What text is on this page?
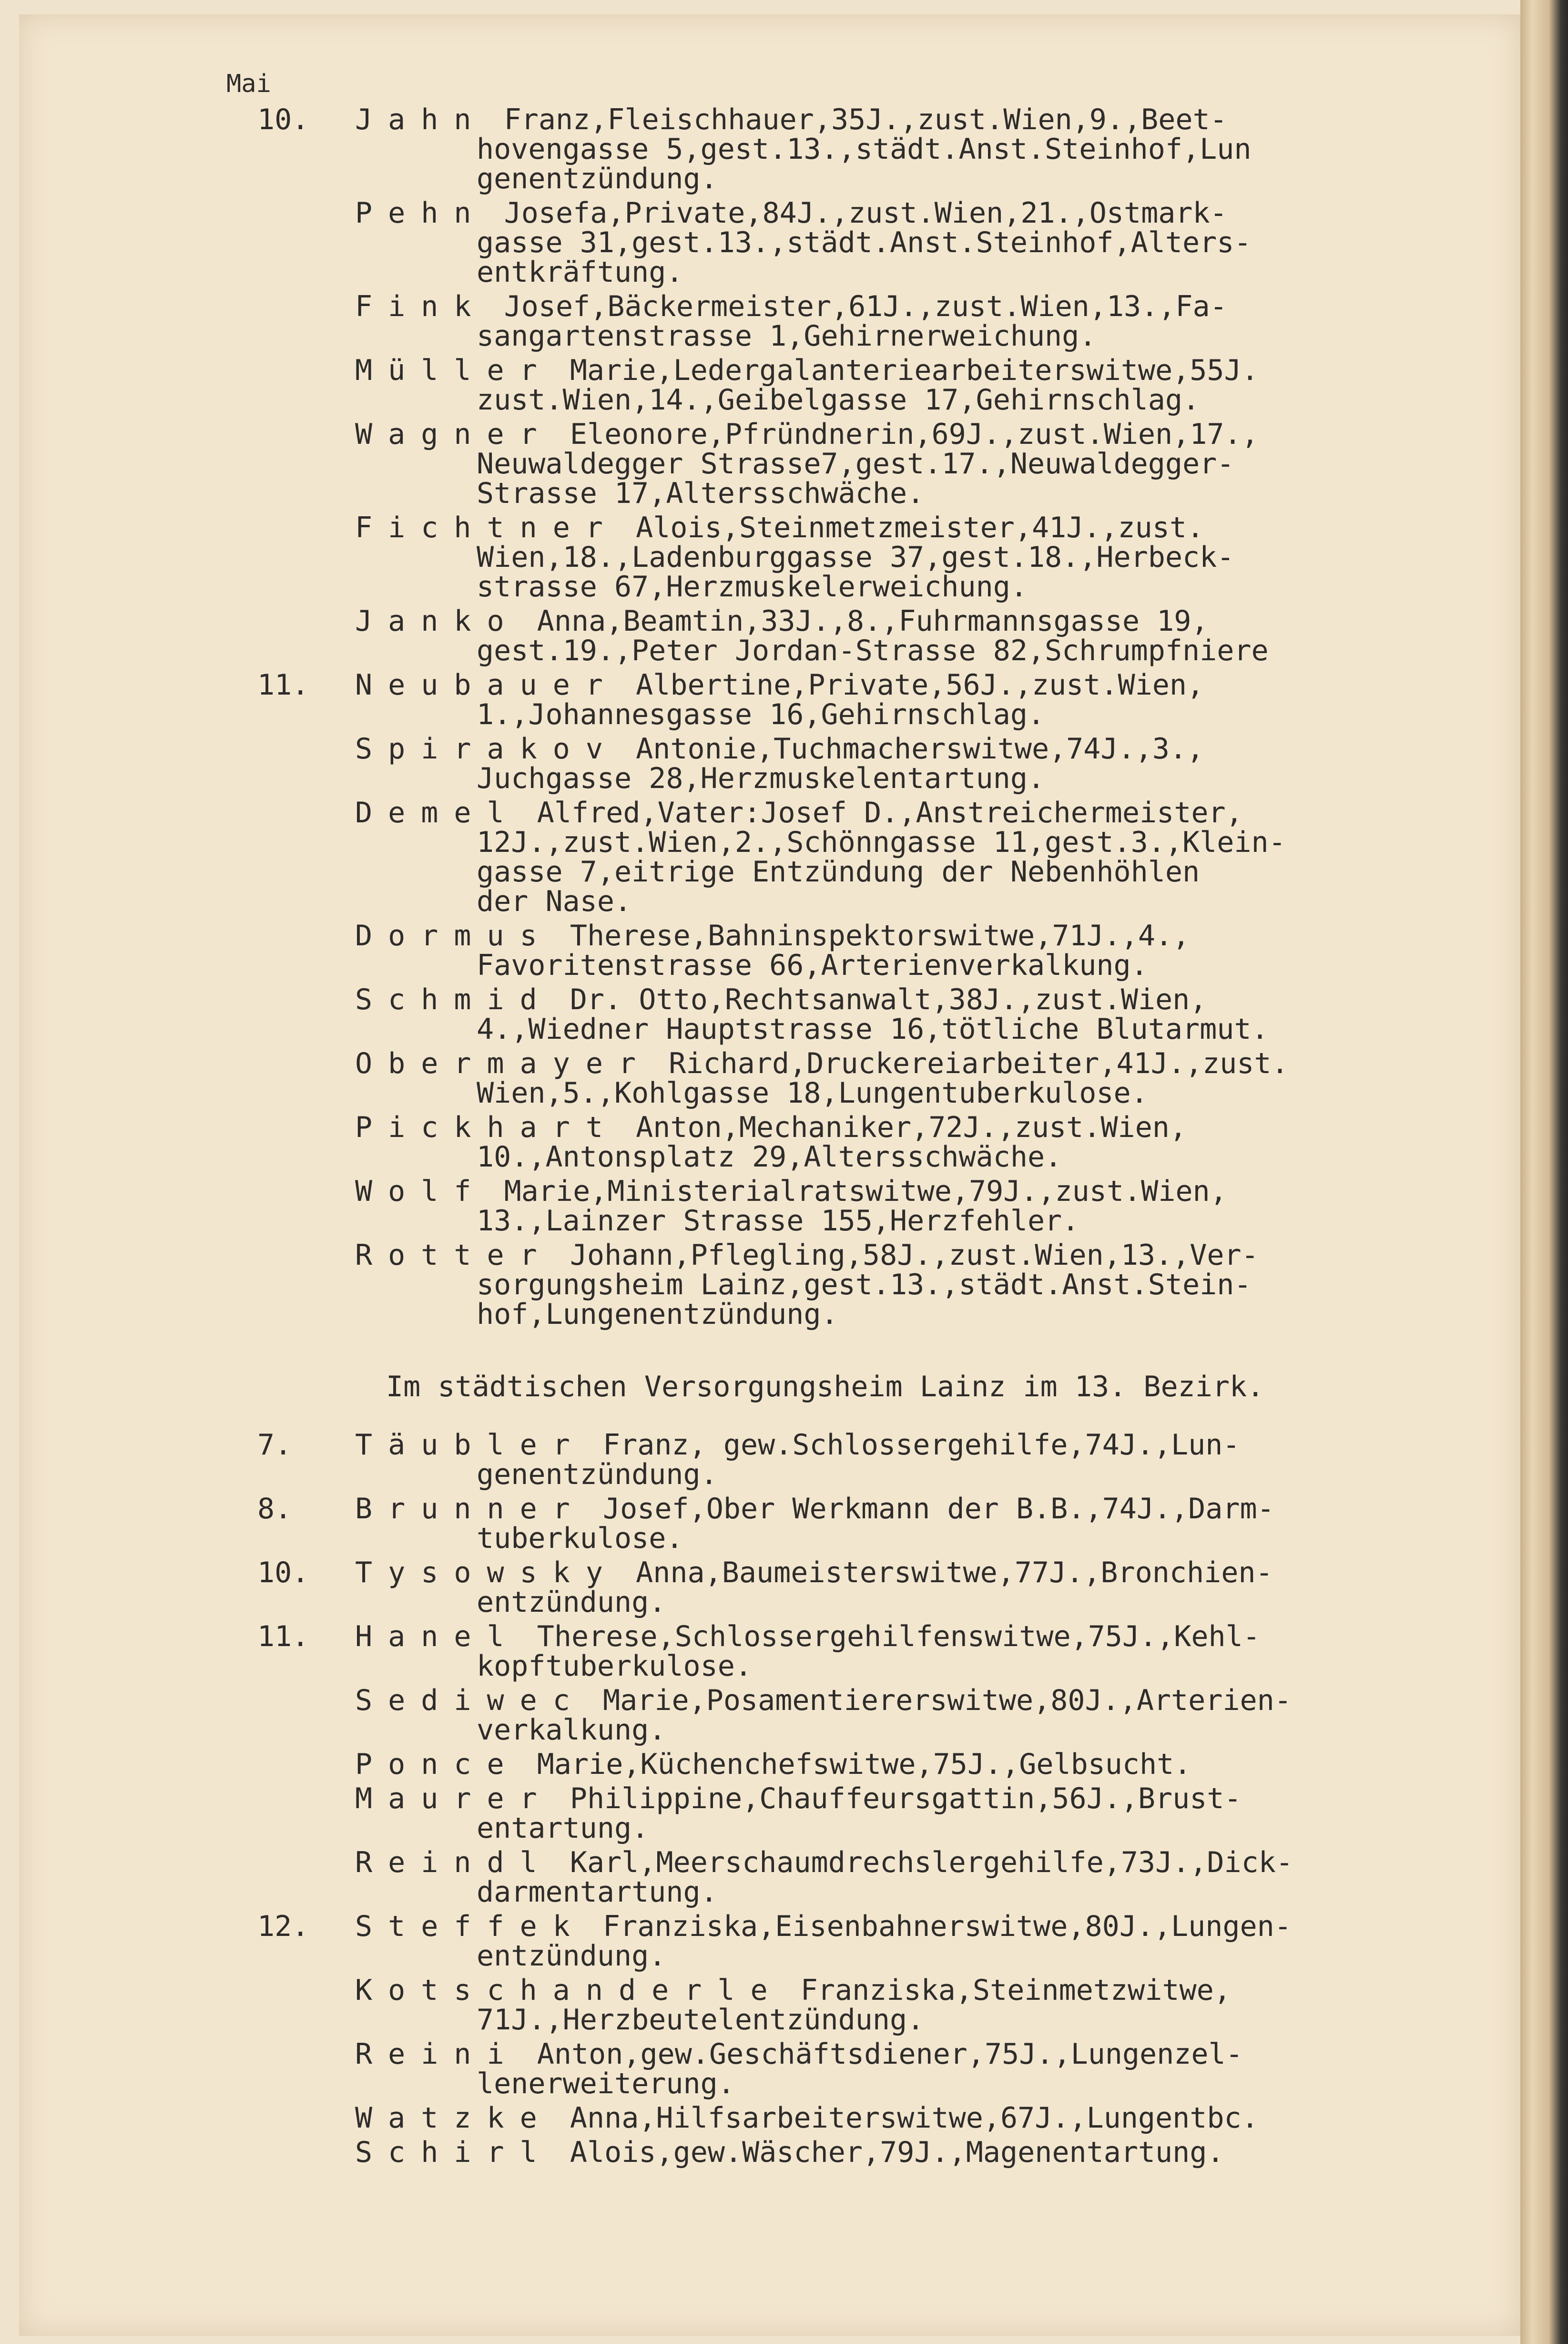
Mai
10.	Jahn Franz,Fleischhauer,35J.,zust.Wien,9.,Beet-
hovengasse 5,gest.13.,städt.Anst.Steinhof,Lun
genentzündung.
Pehn Josefa,Private,84J.,zust.Wien,21.,Ostmark-
gasse 31,gest.13.,städt.Anst.Steinhof,Alters-
entkräftung.
Fink Josef,Bäckermeister,61J.,zust.Wien,13.,Fa-
sangartenstrasse 1,Gehirnerweichung.
Müller Marie,Ledergalanteriearbeiterswitwe,55J.
zust.Wien,14.,Geibelgasse 17,Gehirnschlag.
Wagner Eleonore,Pfründnerin,69J.,zust.Wien,17.,
Neuwaldegger Strasse7,gest.17.,Neuwaldegger-
Strasse 17,Altersschwäche.
Fichtner Alois,Steinmetzmeister,41J.,zust.
Wien,18.,Ladenburggasse 37,gest.18.,Herbeck-
strasse 67,Herzmuskelerweichung.
Janko Anna,Beamtin,33J.,8.,Fuhrmannsgasse 19,
gest.19.,Peter Jordan-Strasse 82,Schrumpfniere
11.	Neubauer Albertine,Private,56J.,zust.Wien,
1.,Johannesgasse 16,Gehirnschlag.
Spirakov Antonie,Tuchmacherswitwe,74J.,3.,
Juchgasse 28,Herzmuskelentartung.
Demel Alfred,Vater:Josef D.,Anstreichermeister,
12J.,zust.Wien,2.,Schönngasse 11,gest.3.,Klein-
gasse 7,eitrige Entzündung der Nebenhöhlen
der Nase.
Dormus Therese,Bahninspektorswitwe,71J.,4.,
Favoritenstrasse 66,Arterienverkalkung.
Schmid Dr. Otto,Rechtsanwalt,38J.,zust.Wien,
4.,Wiedner Hauptstrasse 16,tötliche Blutarmut.
Obermayer Richard,Druckereiarbeiter,41J.,zust.
Wien,5.,Kohlgasse 18,Lungentuberkulose.
Pickhart Anton,Mechaniker,72J.,zust.Wien,
10.,Antonsplatz 29,Altersschwäche.
Wolf Marie,Ministerialratswitwe,79J.,zust.Wien,
13.,Lainzer Strasse 155,Herzfehler.
Rotter Johann,Pflegling,58J.,zust.Wien,13.,Ver-
sorgungsheim Lainz,gest.13.,städt.Anst.Stein-
hof,Lungenentzündung.
Im städtischen Versorgungsheim Lainz im 13. Bezirk.
7.	Täubler Franz, gew.Schlossergehilfe,74J.,Lun-
genentzündung.
8.	Brunner Josef,Ober Werkmann der B.B.,74J.,Darm-
tuberkulose.
10.	Tysowsky Anna,Baumeisterswitwe,77J.,Bronchien-
entzündung.
11.	Hanel Therese,Schlossergehilfenswitwe,75J.,Kehl-
kopftuberkulose.
Sediwec Marie,Posamentiererswitwe,80J.,Arterien-
verkalkung.
Ponce Marie,Küchenchefswitwe,75J.,Gelbsucht.
Maurer Philippine,Chauffeursgattin,56J.,Brust-
entartung.
Reindl Karl,Meerschaumdrechslergehilfe,73J.,Dick-
darmentartung.
12.	Steffek Franziska,Eisenbahnerswitwe,80J.,Lungen-
entzündung.
Kotschanderle Franziska,Steinmetzwitwe,
71J.,Herzbeutelentzündung.
Reini Anton,gew.Geschäftsdiener,75J.,Lungenzel-
lenerweiterung.
Watzke Anna,Hilfsarbeiterswitwe,67J.,Lungentbc.
Schirl Alois,gew.Wäscher,79J.,Magenentartung.
